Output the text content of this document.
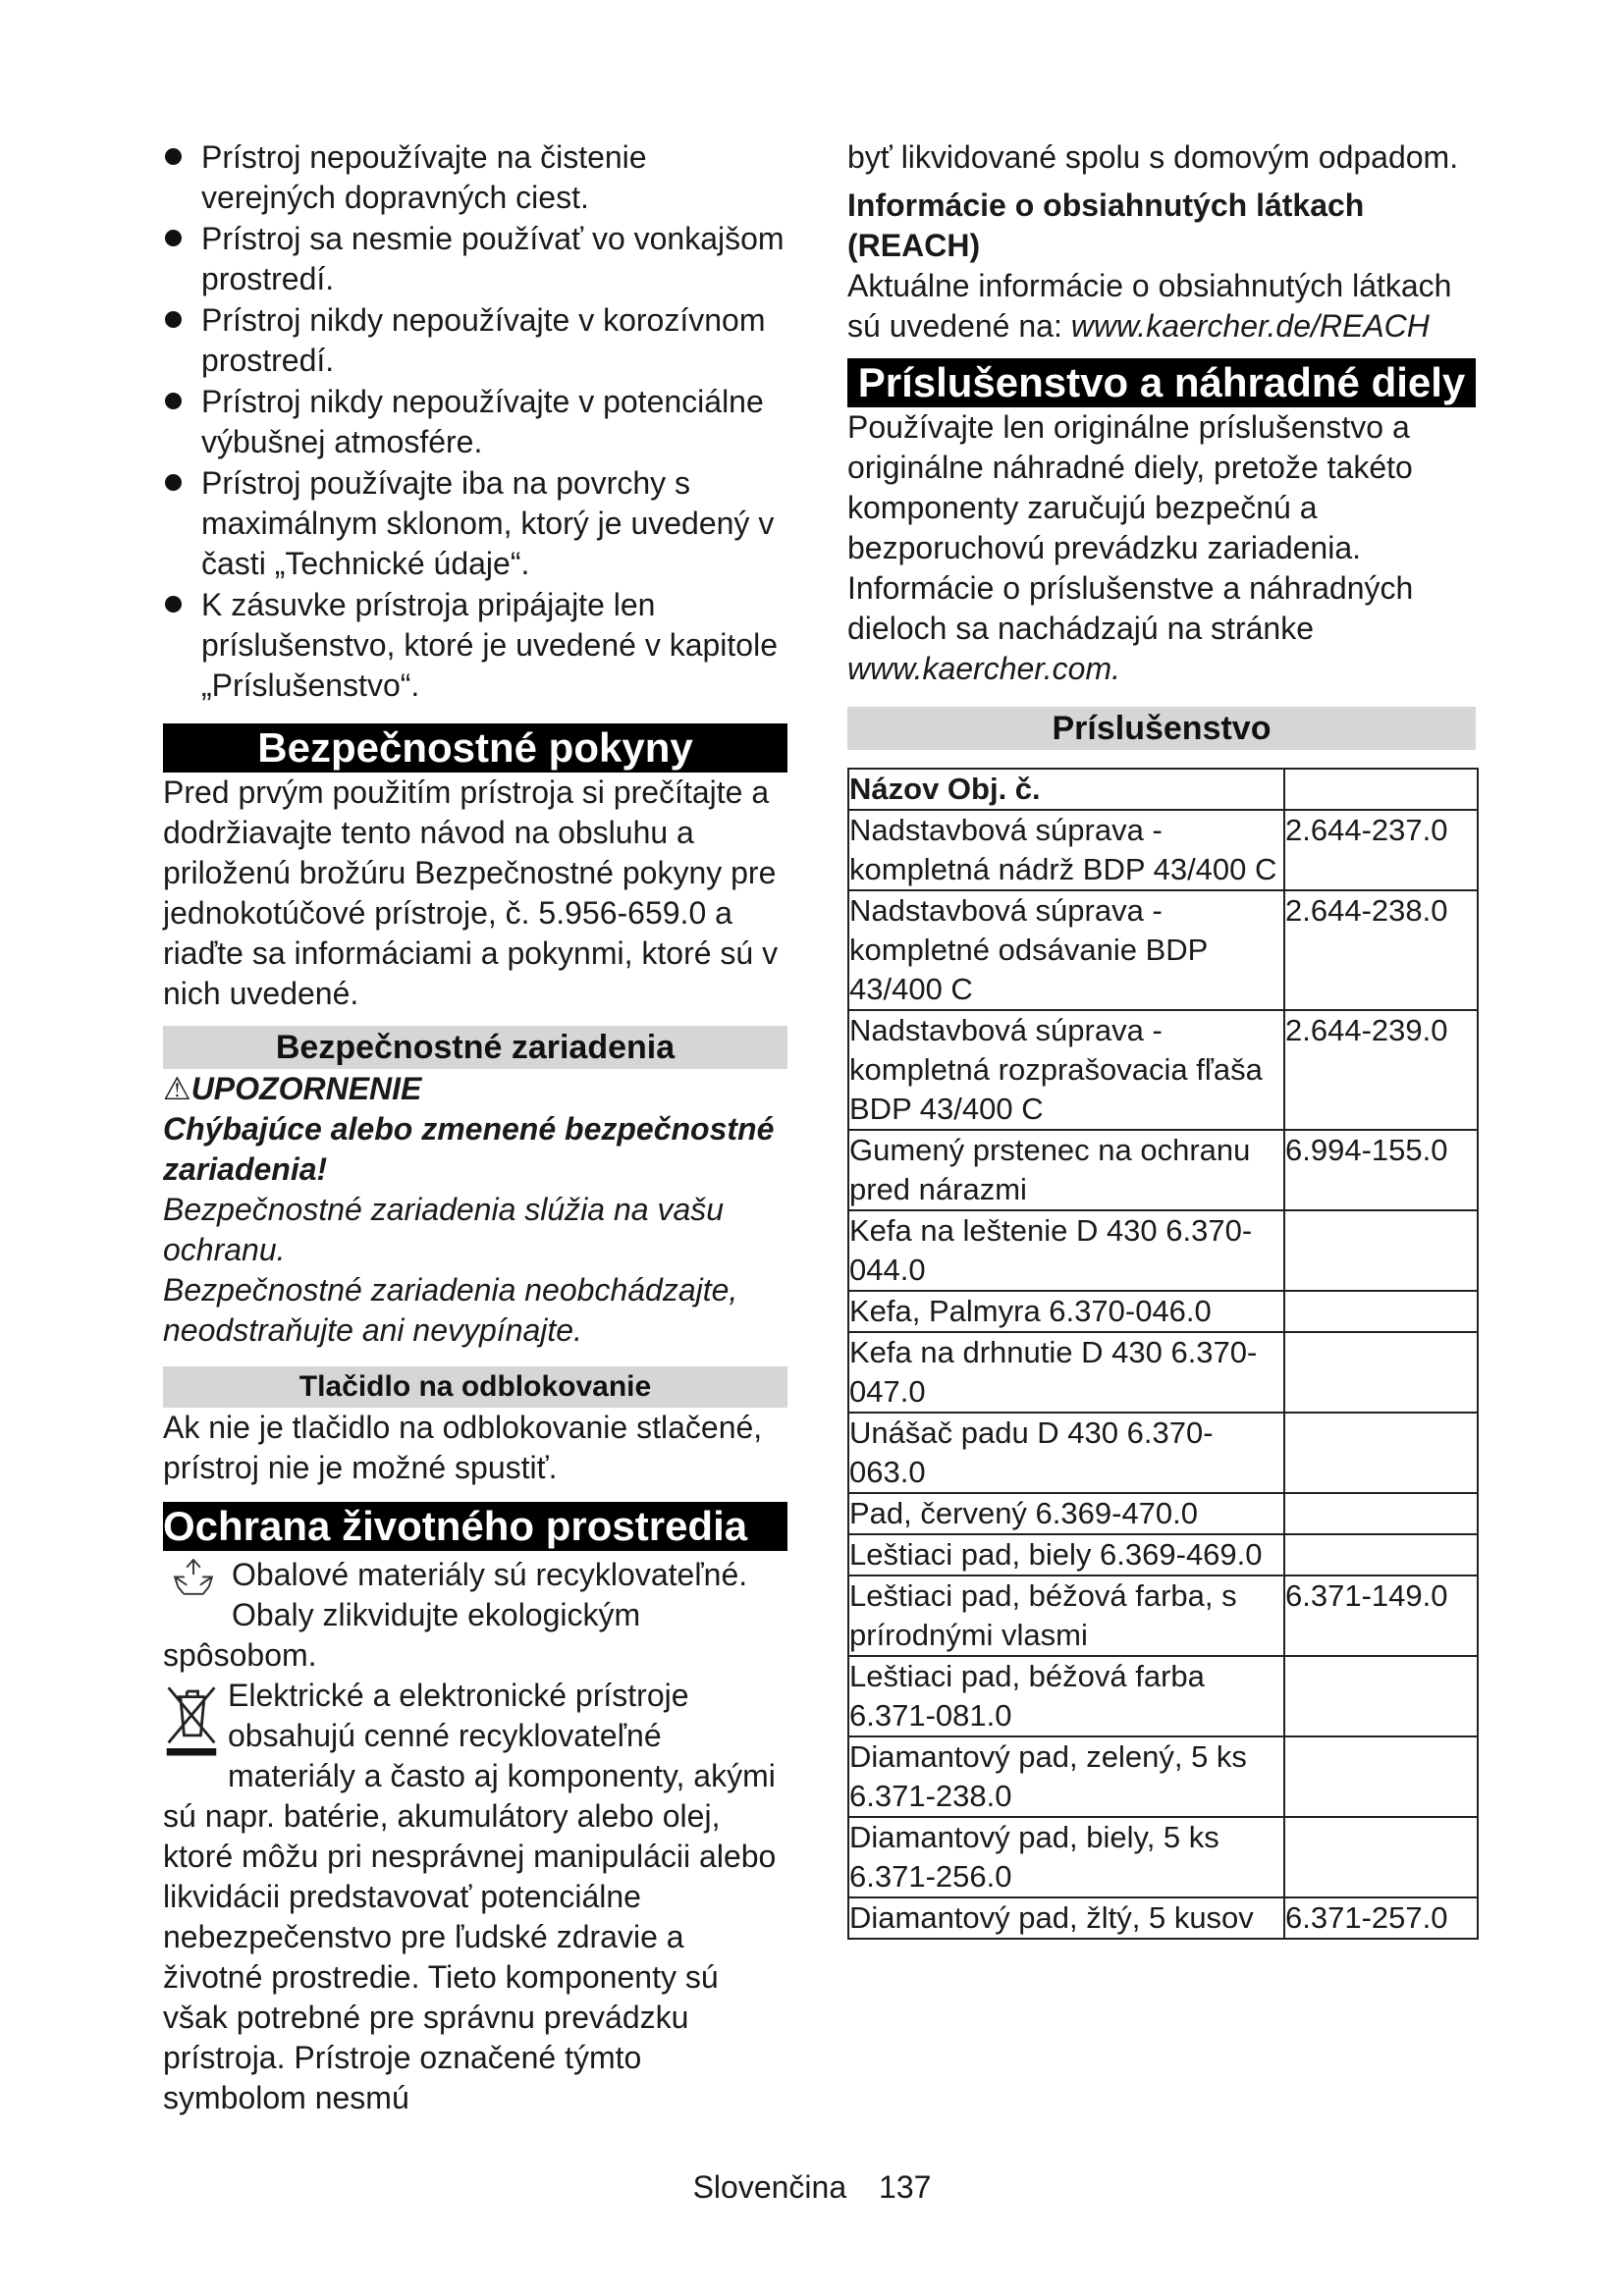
Prístroj nepoužívajte na čistenie verejných dopravných ciest.
Prístroj sa nesmie používať vo vonkajšom prostredí.
Prístroj nikdy nepoužívajte v korozívnom prostredí.
Prístroj nikdy nepoužívajte v potenciálne výbušnej atmosfére.
Prístroj používajte iba na povrchy s maximálnym sklonom, ktorý je uvedený v časti „Technické údaje“.
K zásuvke prístroja pripájajte len príslušenstvo, ktoré je uvedené v kapitole „Príslušenstvo“.
Bezpečnostné pokyny

Pred prvým použitím prístroja si prečítajte a dodržiavajte tento návod na obsluhu a priloženú brožúru Bezpečnostné pokyny pre jednokotúčové prístroje, č. 5.956-659.0 a riaďte sa informáciami a pokynmi, ktoré sú v nich uvedené.

Bezpečnostné zariadenia

⚠UPOZORNENIE

Chýbajúce alebo zmenené bezpečnostné zariadenia!

Bezpečnostné zariadenia slúžia na vašu ochranu.

Bezpečnostné zariadenia neobchádzajte, neodstraňujte ani nevypínajte.

Tlačidlo na odblokovanie

Ak nie je tlačidlo na odblokovanie stlačené, prístroj nie je možné spustiť.

Ochrana životného prostredia

Obalové materiály sú recyklovateľné. Obaly zlikvidujte ekologickým spôsobom.

Elektrické a elektronické prístroje obsahujú cenné recyklovateľné materiály a často aj komponenty, akými sú napr. batérie, akumulátory alebo olej, ktoré môžu pri nesprávnej manipulácii alebo likvidácii predstavovať potenciálne nebezpečenstvo pre ľudské zdravie a životné prostredie. Tieto komponenty sú však potrebné pre správnu prevádzku prístroja. Prístroje označené týmto symbolom nesmú

byť likvidované spolu s domovým odpadom.

Informácie o obsiahnutých látkach (REACH)

Aktuálne informácie o obsiahnutých látkach sú uvedené na: www.kaercher.de/REACH

Príslušenstvo a náhradné diely

Používajte len originálne príslušenstvo a originálne náhradné diely, pretože takéto komponenty zaručujú bezpečnú a bezporuchovú prevádzku zariadenia.

Informácie o príslušenstve a náhradných dieloch sa nachádzajú na stránke

www.kaercher.com.

Príslušenstvo
Názov Obj. č.	
Nadstavbová súprava - kompletná nádrž BDP 43/400 C	2.644-237.0
Nadstavbová súprava - kompletné odsávanie BDP 43/400 C	2.644-238.0
Nadstavbová súprava - kompletná rozprašovacia fľaša BDP 43/400 C	2.644-239.0
Gumený prstenec na ochranu pred nárazmi	6.994-155.0
Kefa na leštenie D 430 6.370-044.0	
Kefa, Palmyra 6.370-046.0	
Kefa na drhnutie D 430 6.370-047.0	
Unášač padu D 430 6.370-063.0	
Pad, červený 6.369-470.0	
Leštiaci pad, biely 6.369-469.0	
Leštiaci pad, béžová farba, s prírodnými vlasmi	6.371-149.0
Leštiaci pad, béžová farba 6.371-081.0	
Diamantový pad, zelený, 5 ks 6.371-238.0	
Diamantový pad, biely, 5 ks 6.371-256.0	
Diamantový pad, žltý, 5 kusov	6.371-257.0
Slovenčina 137
